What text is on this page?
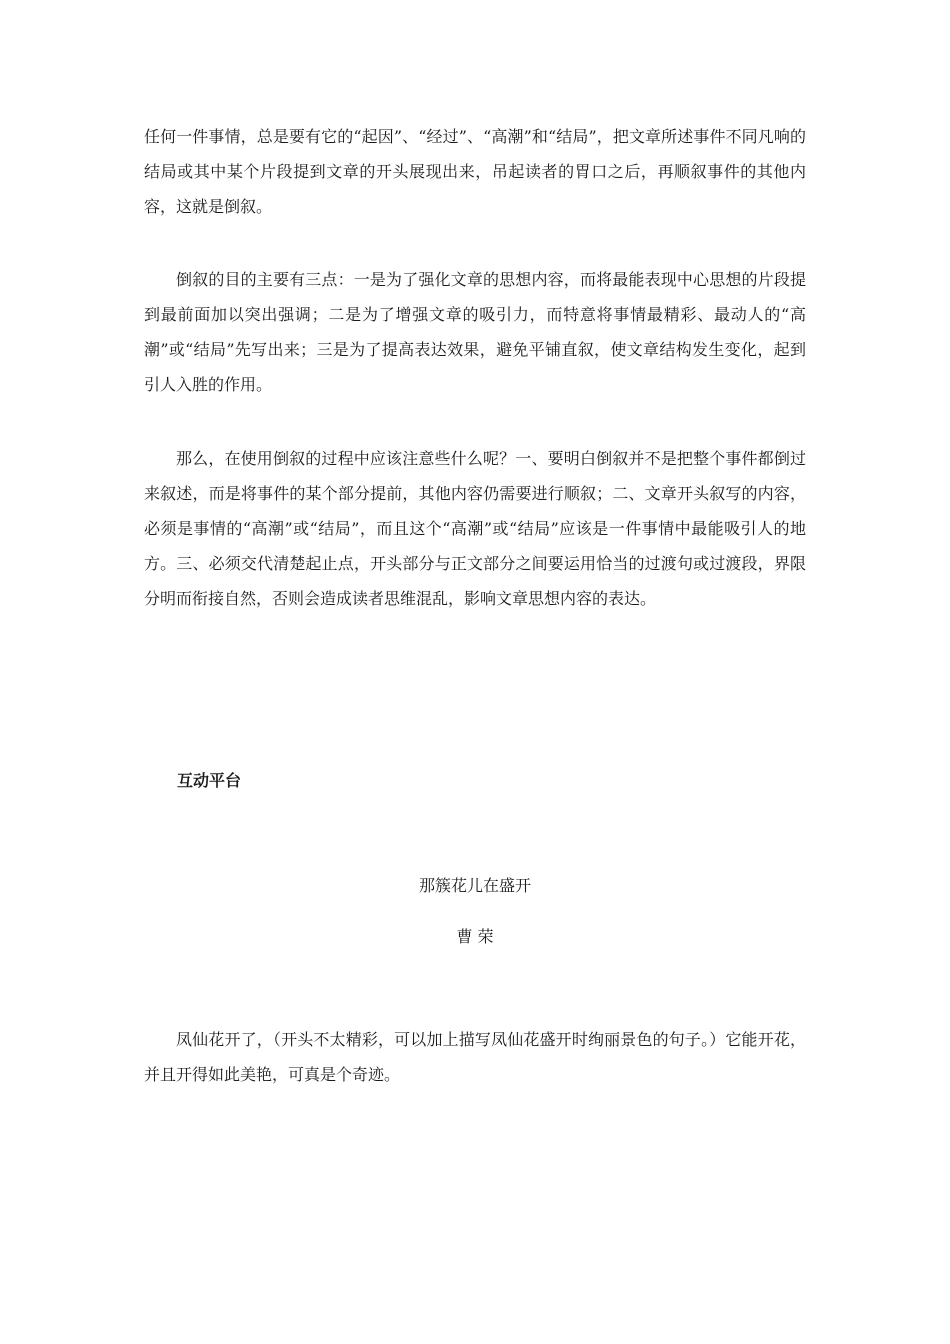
任何一件事情，总是要有它的“起因”、“经过”、“高潮”和“结局”，把文章所述事件不同凡响的结局或其中某个片段提到文章的开头展现出来，吊起读者的胃口之后，再顺叙事件的其他内容，这就是倒叙。

倒叙的目的主要有三点：一是为了强化文章的思想内容，而将最能表现中心思想的片段提到最前面加以突出强调；二是为了增强文章的吸引力，而特意将事情最精彩、最动人的“高潮”或“结局”先写出来；三是为了提高表达效果，避免平铺直叙，使文章结构发生变化，起到引人入胜的作用。

那么，在使用倒叙的过程中应该注意些什么呢？一、要明白倒叙并不是把整个事件都倒过来叙述，而是将事件的某个部分提前，其他内容仍需要进行顺叙；二、文章开头叙写的内容，必须是事情的“高潮”或“结局”，而且这个“高潮”或“结局”应该是一件事情中最能吸引人的地方。三、必须交代清楚起止点，开头部分与正文部分之间要运用恰当的过渡句或过渡段，界限分明而衔接自然，否则会造成读者思维混乱，影响文章思想内容的表达。

互动平台

那簇花儿在盛开

曹 荣

凤仙花开了，（开头不太精彩，可以加上描写凤仙花盛开时绚丽景色的句子。）它能开花，并且开得如此美艳，可真是个奇迹。
